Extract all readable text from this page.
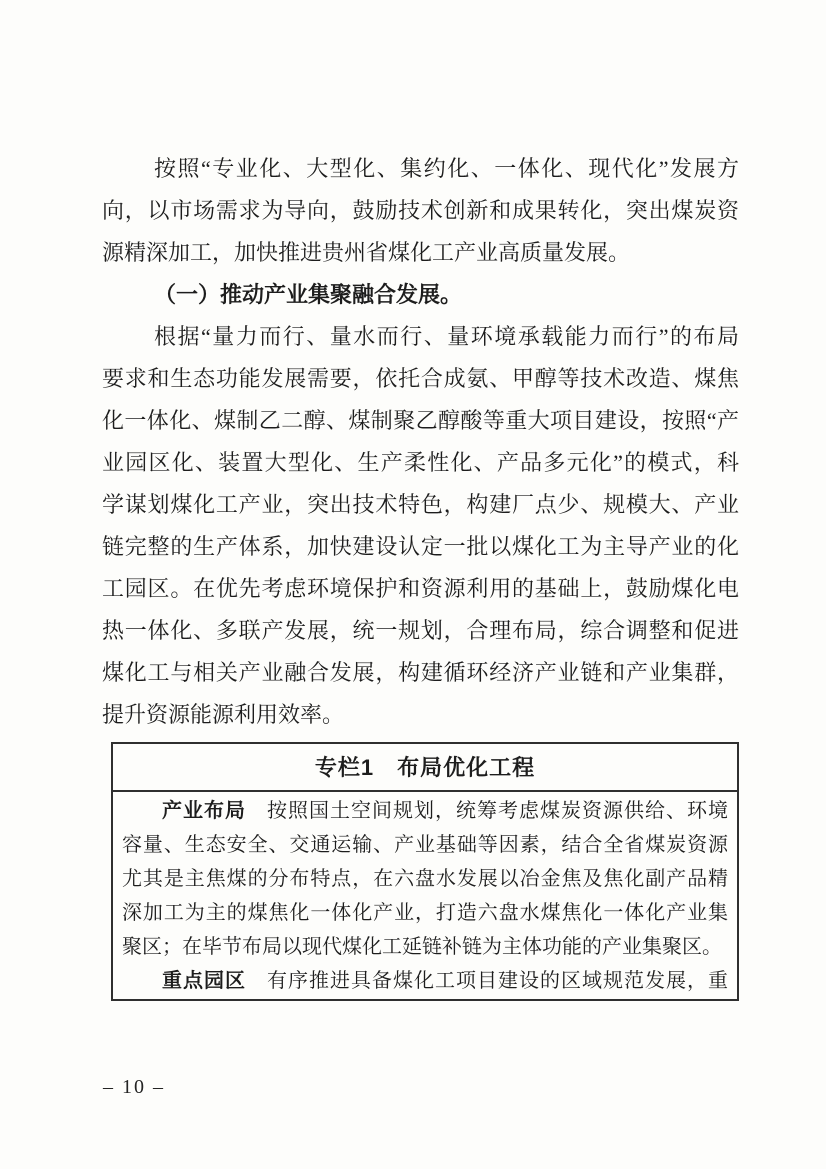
按照“专业化、大型化、集约化、一体化、现代化”发展方
向，以市场需求为导向，鼓励技术创新和成果转化，突出煤炭资
源精深加工，加快推进贵州省煤化工产业高质量发展。
（一）推动产业集聚融合发展。
根据“量力而行、量水而行、量环境承载能力而行”的布局
要求和生态功能发展需要，依托合成氨、甲醇等技术改造、煤焦
化一体化、煤制乙二醇、煤制聚乙醇酸等重大项目建设，按照“产
业园区化、装置大型化、生产柔性化、产品多元化”的模式，科
学谋划煤化工产业，突出技术特色，构建厂点少、规模大、产业
链完整的生产体系，加快建设认定一批以煤化工为主导产业的化
工园区。在优先考虑环境保护和资源利用的基础上，鼓励煤化电
热一体化、多联产发展，统一规划，合理布局，综合调整和促进
煤化工与相关产业融合发展，构建循环经济产业链和产业集群，
提升资源能源利用效率。
专栏1　布局优化工程
产业布局　按照国土空间规划，统筹考虑煤炭资源供给、环境
容量、生态安全、交通运输、产业基础等因素，结合全省煤炭资源
尤其是主焦煤的分布特点，在六盘水发展以冶金焦及焦化副产品精
深加工为主的煤焦化一体化产业，打造六盘水煤焦化一体化产业集
聚区；在毕节布局以现代煤化工延链补链为主体功能的产业集聚区。
重点园区　有序推进具备煤化工项目建设的区域规范发展，重
– 10 –
